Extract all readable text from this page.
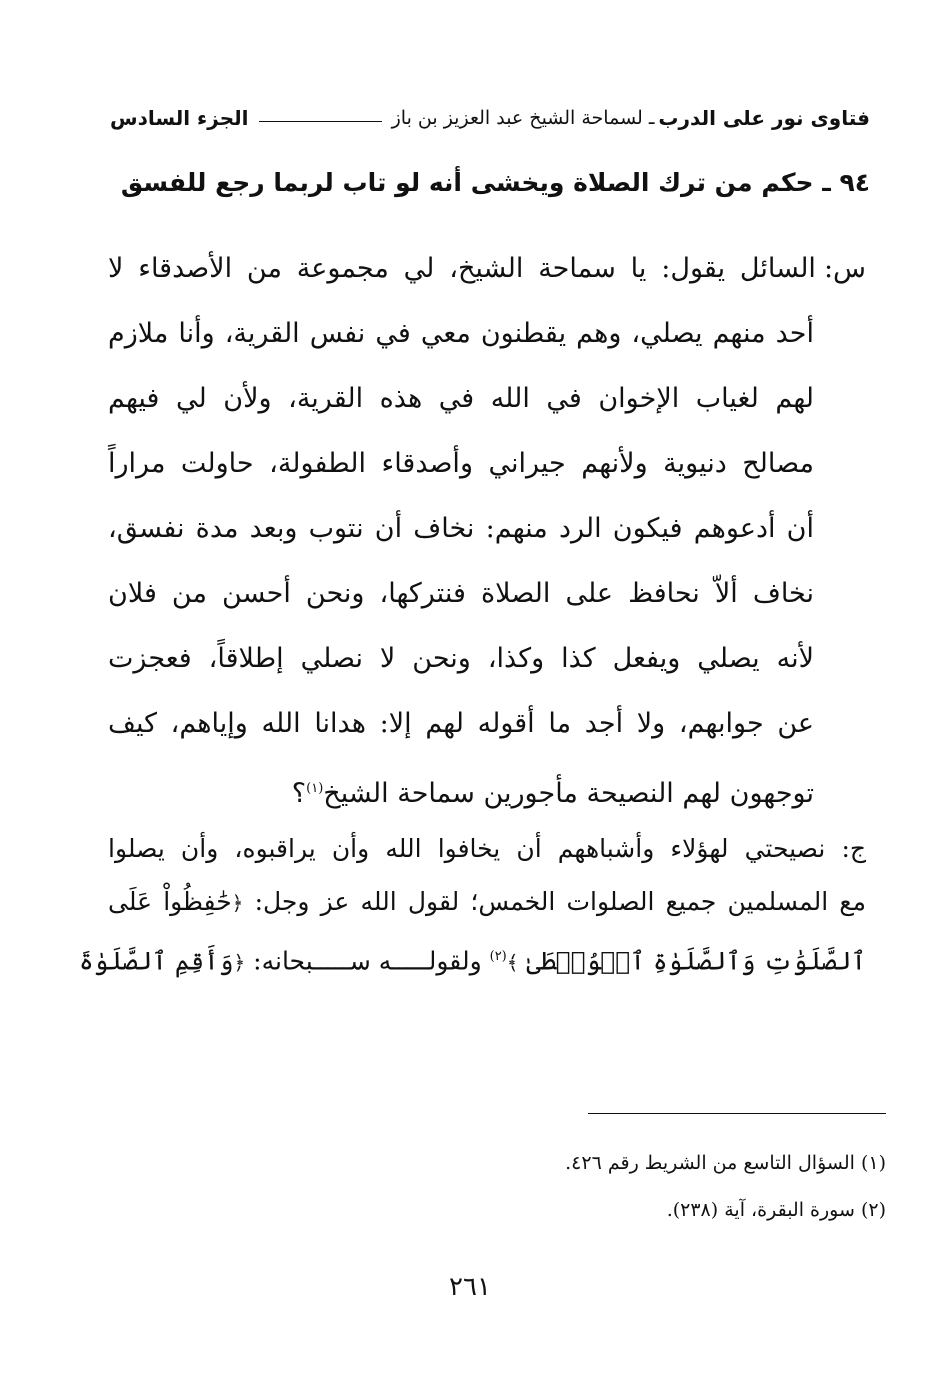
فتاوى نور على الدرب
ـ لسماحة الشيخ عبد العزيز بن باز
الجزء السادس
٩٤ ـ حكم من ترك الصلاة ويخشى أنه لو تاب لربما رجع للفسق
س:السائل يقول: يا سماحة الشيخ، لي مجموعة من الأصدقاء لا
أحد منهم يصلي، وهم يقطنون معي في نفس القرية، وأنا ملازم
لهم لغياب الإخوان في الله في هذه القرية، ولأن لي فيهم
مصالح دنيوية ولأنهم جيراني وأصدقاء الطفولة، حاولت مراراً
أن أدعوهم فيكون الرد منهم: نخاف أن نتوب وبعد مدة نفسق،
نخاف ألاّ نحافظ على الصلاة فنتركها، ونحن أحسن من فلان
لأنه يصلي ويفعل كذا وكذا، ونحن لا نصلي إطلاقاً، فعجزت
عن جوابهم، ولا أجد ما أقوله لهم إلا: هدانا الله وإياهم، كيف
توجهون لهم النصيحة مأجورين سماحة الشيخ$^{(١)}$؟
ج: نصيحتي لهؤلاء وأشباههم أن يخافوا الله وأن يراقبوه، وأن يصلوا
مع المسلمين جميع الصلوات الخمس؛ لقول الله عز وجل: ﴿حَٰفِظُواْ عَلَى
ٱلصَّلَوَٰتِ وَٱلصَّلَوٰةِ ٱلۡوُسۡطَىٰ ﴾$^{(٢)}$ ولقولـــــه ســـــبحانه: ﴿وَأَقِمِ ٱلصَّلَوٰةَ
(١) السؤال التاسع من الشريط رقم ٤٢٦.
(٢) سورة البقرة، آية (٢٣٨).
٢٦١
